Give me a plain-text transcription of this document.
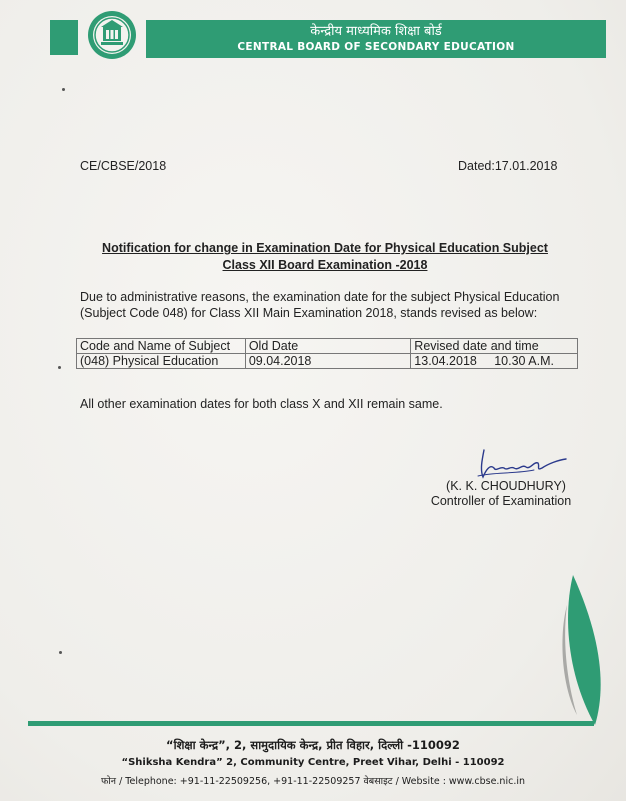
केन्द्रीय माध्यमिक शिक्षा बोर्ड
CENTRAL BOARD OF SECONDARY EDUCATION
CE/CBSE/2018	Dated:17.01.2018
Notification for change in Examination Date for Physical Education Subject
Class XII Board Examination -2018
Due to administrative reasons, the examination date for the subject Physical Education
(Subject Code 048) for Class XII Main Examination 2018, stands revised as below:
Code and Name of Subject	Old Date	Revised date and time
(048) Physical Education	09.04.2018	13.04.2018     10.30 A.M.
All other examination dates for both class X and XII remain same.
(K. K. CHOUDHURY)
Controller of Examination
“शिक्षा केन्द्र”, 2, सामुदायिक केन्द्र, प्रीत विहार, दिल्ली -110092
“Shiksha Kendra” 2, Community Centre, Preet Vihar, Delhi - 110092
फोन / Telephone: +91-11-22509256, +91-11-22509257 वेबसाइट / Website : www.cbse.nic.in
